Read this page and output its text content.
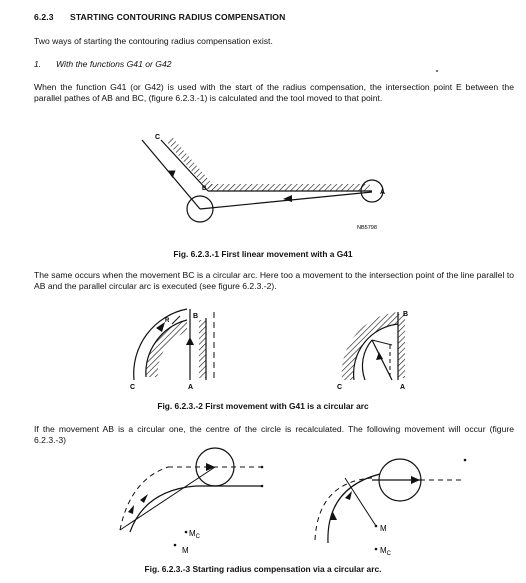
6.2.3 STARTING CONTOURING RADIUS COMPENSATION

Two ways of starting the contouring radius compensation exist.

1. With the functions G41 or G42

When the function G41 (or G42) is used with the start of the radius compensation, the intersection point E between the parallel pathes of AB and BC, (figure 6.2.3.-1) is calculated and the tool moved to that point.

The same occurs when the movement BC is a circular arc. Here too a movement to the intersection point of the line parallel to AB and the parallel circular arc is executed (see figure 6.2.3.-2).

If the movement AB is a circular one, the centre of the circle is recalculated. The following movement will occur (figure 6.2.3.-3)

Fig. 6.2.3.-1 First linear movement with a G41
Fig. 6.2.3.-2 First movement with G41 is a circular arc
Fig. 6.2.3.-3 Starting radius compensation via a circular arc.
C
A
B
NB5798
C	A
B
R
C	A
B
$M_C$
M
M
$M_C$
